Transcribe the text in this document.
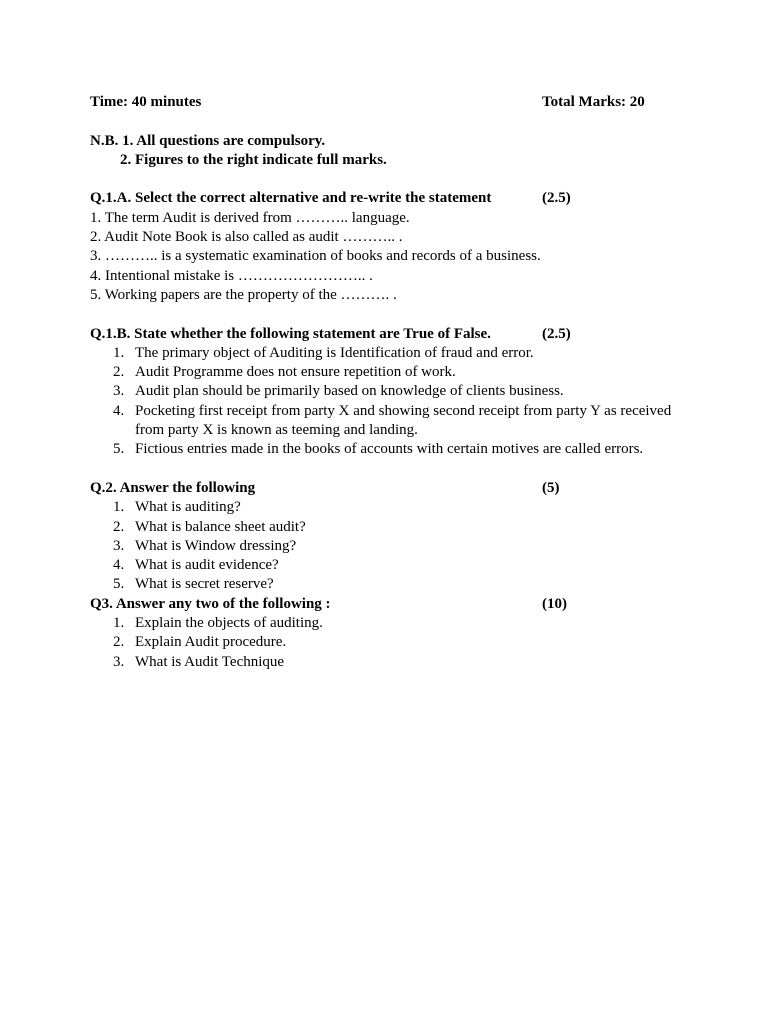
Time: 40 minutes	Total Marks: 20
N.B. 1. All questions are compulsory.
2. Figures to the right indicate full marks.
Q.1.A. Select the correct alternative and re-write the statement	(2.5)
1. The term Audit is derived from ……….. language.
2. Audit Note Book is also called as audit ……….. .
3. ……….. is a systematic examination of books and records of a business.
4. Intentional mistake is …………………….. .
5. Working papers are the property of the ………. .
Q.1.B. State whether the following statement are True of False.	(2.5)
1. The primary object of Auditing is Identification of fraud and error.
2. Audit Programme does not ensure repetition of work.
3. Audit plan should be primarily based on knowledge of clients business.
4. Pocketing first receipt from party X and showing second receipt from party Y as received from party X is known as teeming and landing.
5. Fictious entries made in the books of accounts with certain motives are called errors.
Q.2. Answer the following	(5)
1. What is auditing?
2. What is balance sheet audit?
3. What is Window dressing?
4. What is audit evidence?
5. What is secret reserve?
Q3. Answer any two of the following :	(10)
1. Explain the objects of auditing.
2. Explain Audit procedure.
3. What is Audit Technique
